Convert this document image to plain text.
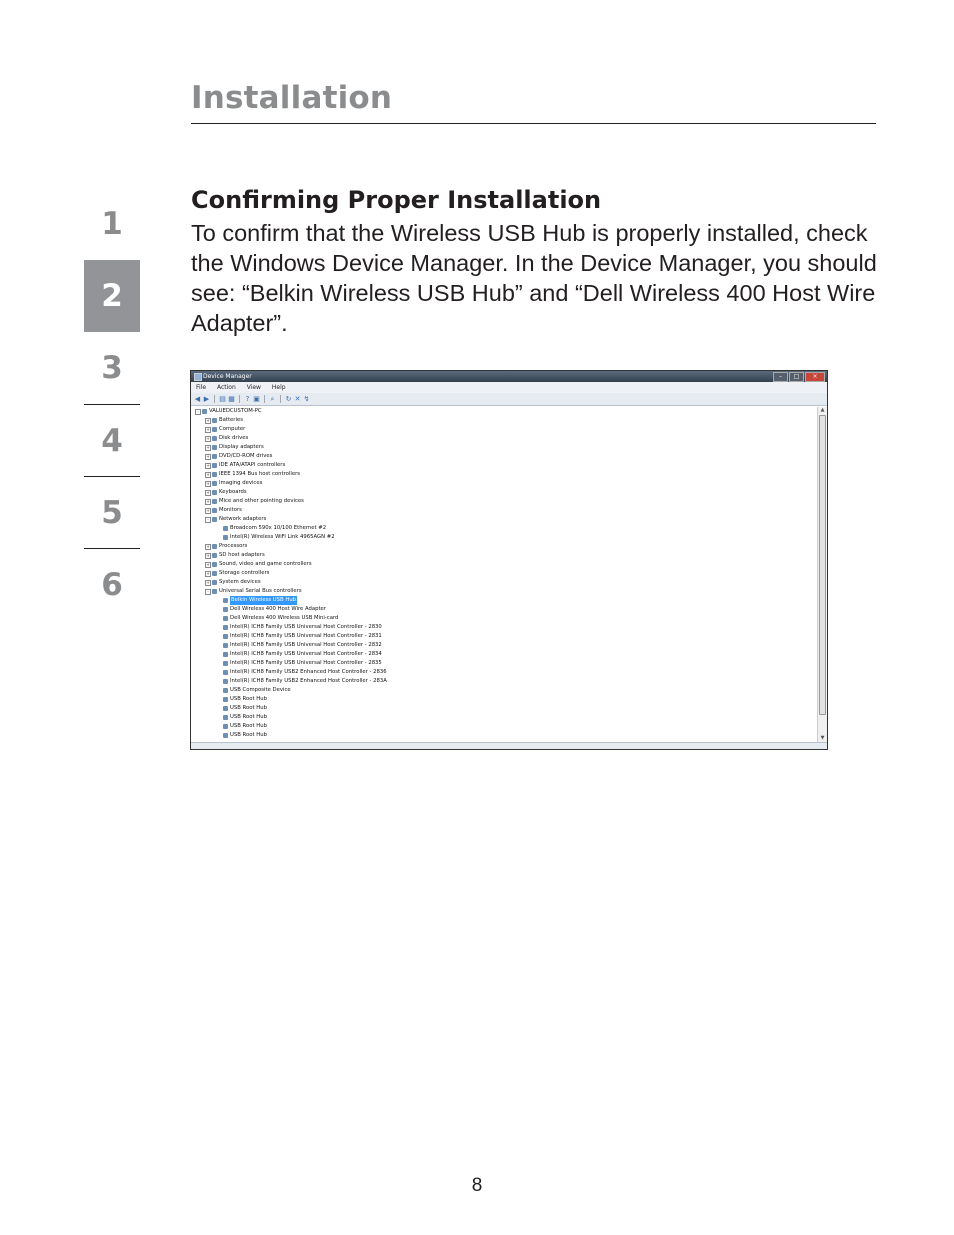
Installation
1
2
3
4
5
6
Confirming Proper Installation
To confirm that the Wireless USB Hub is properly installed, check the Windows Device Manager. In the Device Manager, you should see: “Belkin Wireless USB Hub” and “Dell Wireless 400 Host Wire Adapter”.
Device Manager	–	□	×
File Action View Help
◀ ▶ ▤ ▦ ? ▣ ⌕ ↻ ✕ ↯
-	VALUEDCUSTOM-PC
+ Batteries
+ Computer
+ Disk drives
+ Display adapters
+ DVD/CD-ROM drives
+ IDE ATA/ATAPI controllers
+ IEEE 1394 Bus host controllers
+ Imaging devices
+ Keyboards
+ Mice and other pointing devices
+ Monitors
-	Network adapters
Broadcom 590x 10/100 Ethernet #2
Intel(R) Wireless WiFi Link 4965AGN #2
+ Processors
+ SD host adapters
+ Sound, video and game controllers
+ Storage controllers
+ System devices
-	Universal Serial Bus controllers
Belkin Wireless USB Hub
Dell Wireless 400 Host Wire Adapter
Dell Wireless 400 Wireless USB Mini-card
Intel(R) ICH8 Family USB Universal Host Controller - 2830
Intel(R) ICH8 Family USB Universal Host Controller - 2831
Intel(R) ICH8 Family USB Universal Host Controller - 2832
Intel(R) ICH8 Family USB Universal Host Controller - 2834
Intel(R) ICH8 Family USB Universal Host Controller - 2835
Intel(R) ICH8 Family USB2 Enhanced Host Controller - 2836
Intel(R) ICH8 Family USB2 Enhanced Host Controller - 283A
USB Composite Device
USB Root Hub
USB Root Hub
USB Root Hub
USB Root Hub
USB Root Hub
▲
▼
8
